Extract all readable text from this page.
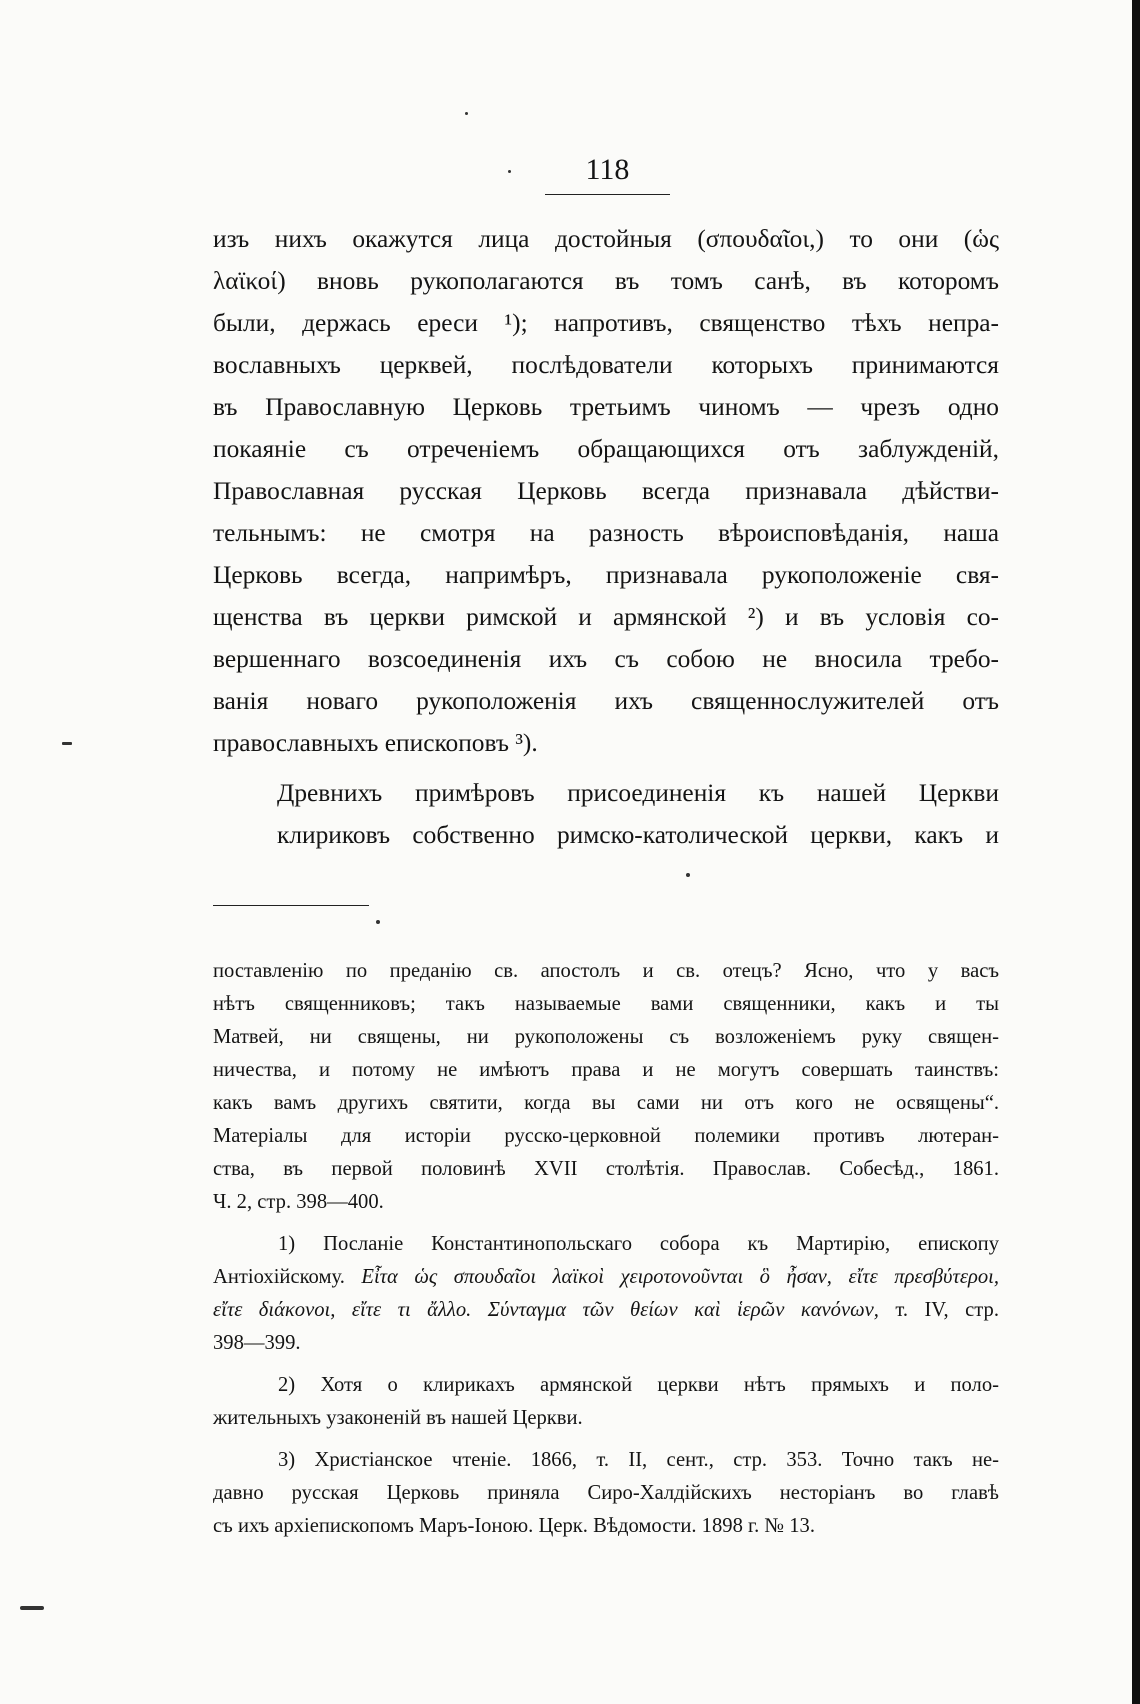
118

изъ нихъ окажутся лица достойныя (σπουδαῖοι,) то они (ὡς
λαϊκοί) вновь рукополагаются въ томъ санѣ, въ которомъ
были, держась ереси ¹); напротивъ, священство тѣхъ непра-
вославныхъ церквей, послѣдователи которыхъ принимаются
въ Православную Церковь третьимъ чиномъ — чрезъ одно
покаяніе съ отреченіемъ обращающихся отъ заблужденій,
Православная русская Церковь всегда признавала дѣйстви-
тельнымъ: не смотря на разность вѣроисповѣданія, наша
Церковь всегда, напримѣръ, признавала рукоположеніе свя-
щенства въ церкви римской и армянской ²) и въ условія со-
вершеннаго возсоединенія ихъ съ собою не вносила требо-
ванія новаго рукоположенія ихъ священнослужителей отъ
православныхъ епископовъ ³).

Древнихъ примѣровъ присоединенія къ нашей Церкви
клириковъ собственно римско-католической церкви, какъ и

поставленію по преданію св. апостолъ и св. отецъ? Ясно, что у васъ
нѣтъ священниковъ; такъ называемые вами священники, какъ и ты
Матвей, ни священы, ни рукоположены съ возложеніемъ руку священ-
ничества, и потому не имѣютъ права и не могутъ совершать таинствъ:
какъ вамъ другихъ святити, когда вы сами ни отъ кого не освящены“.
Матеріалы для исторіи русско-церковной полемики противъ лютеран-
ства, въ первой половинѣ XVII столѣтія. Православ. Собесѣд., 1861.
Ч. 2, стр. 398—400.

1) Посланіе Константинопольскаго собора къ Мартирію, епископу
Антіохійскому. Εἶτα ὡς σπουδαῖοι λαϊκοὶ χειροτονοῦνται ὃ ἦσαν, εἴτε πρεσβύτεροι,
εἴτε διάκονοι, εἴτε τι ἄλλο. Σύνταγμα τῶν θείων καὶ ἱερῶν κανόνων, т. IV, стр.
398—399.

2) Хотя о клирикахъ армянской церкви нѣтъ прямыхъ и поло-
жительныхъ узаконеній въ нашей Церкви.

3) Христіанское чтеніе. 1866, т. II, сент., стр. 353. Точно такъ не-
давно русская Церковь приняла Сиро-Халдійскихъ несторіанъ во главѣ
съ ихъ архіепископомъ Маръ-Іоною. Церк. Вѣдомости. 1898 г. № 13.
